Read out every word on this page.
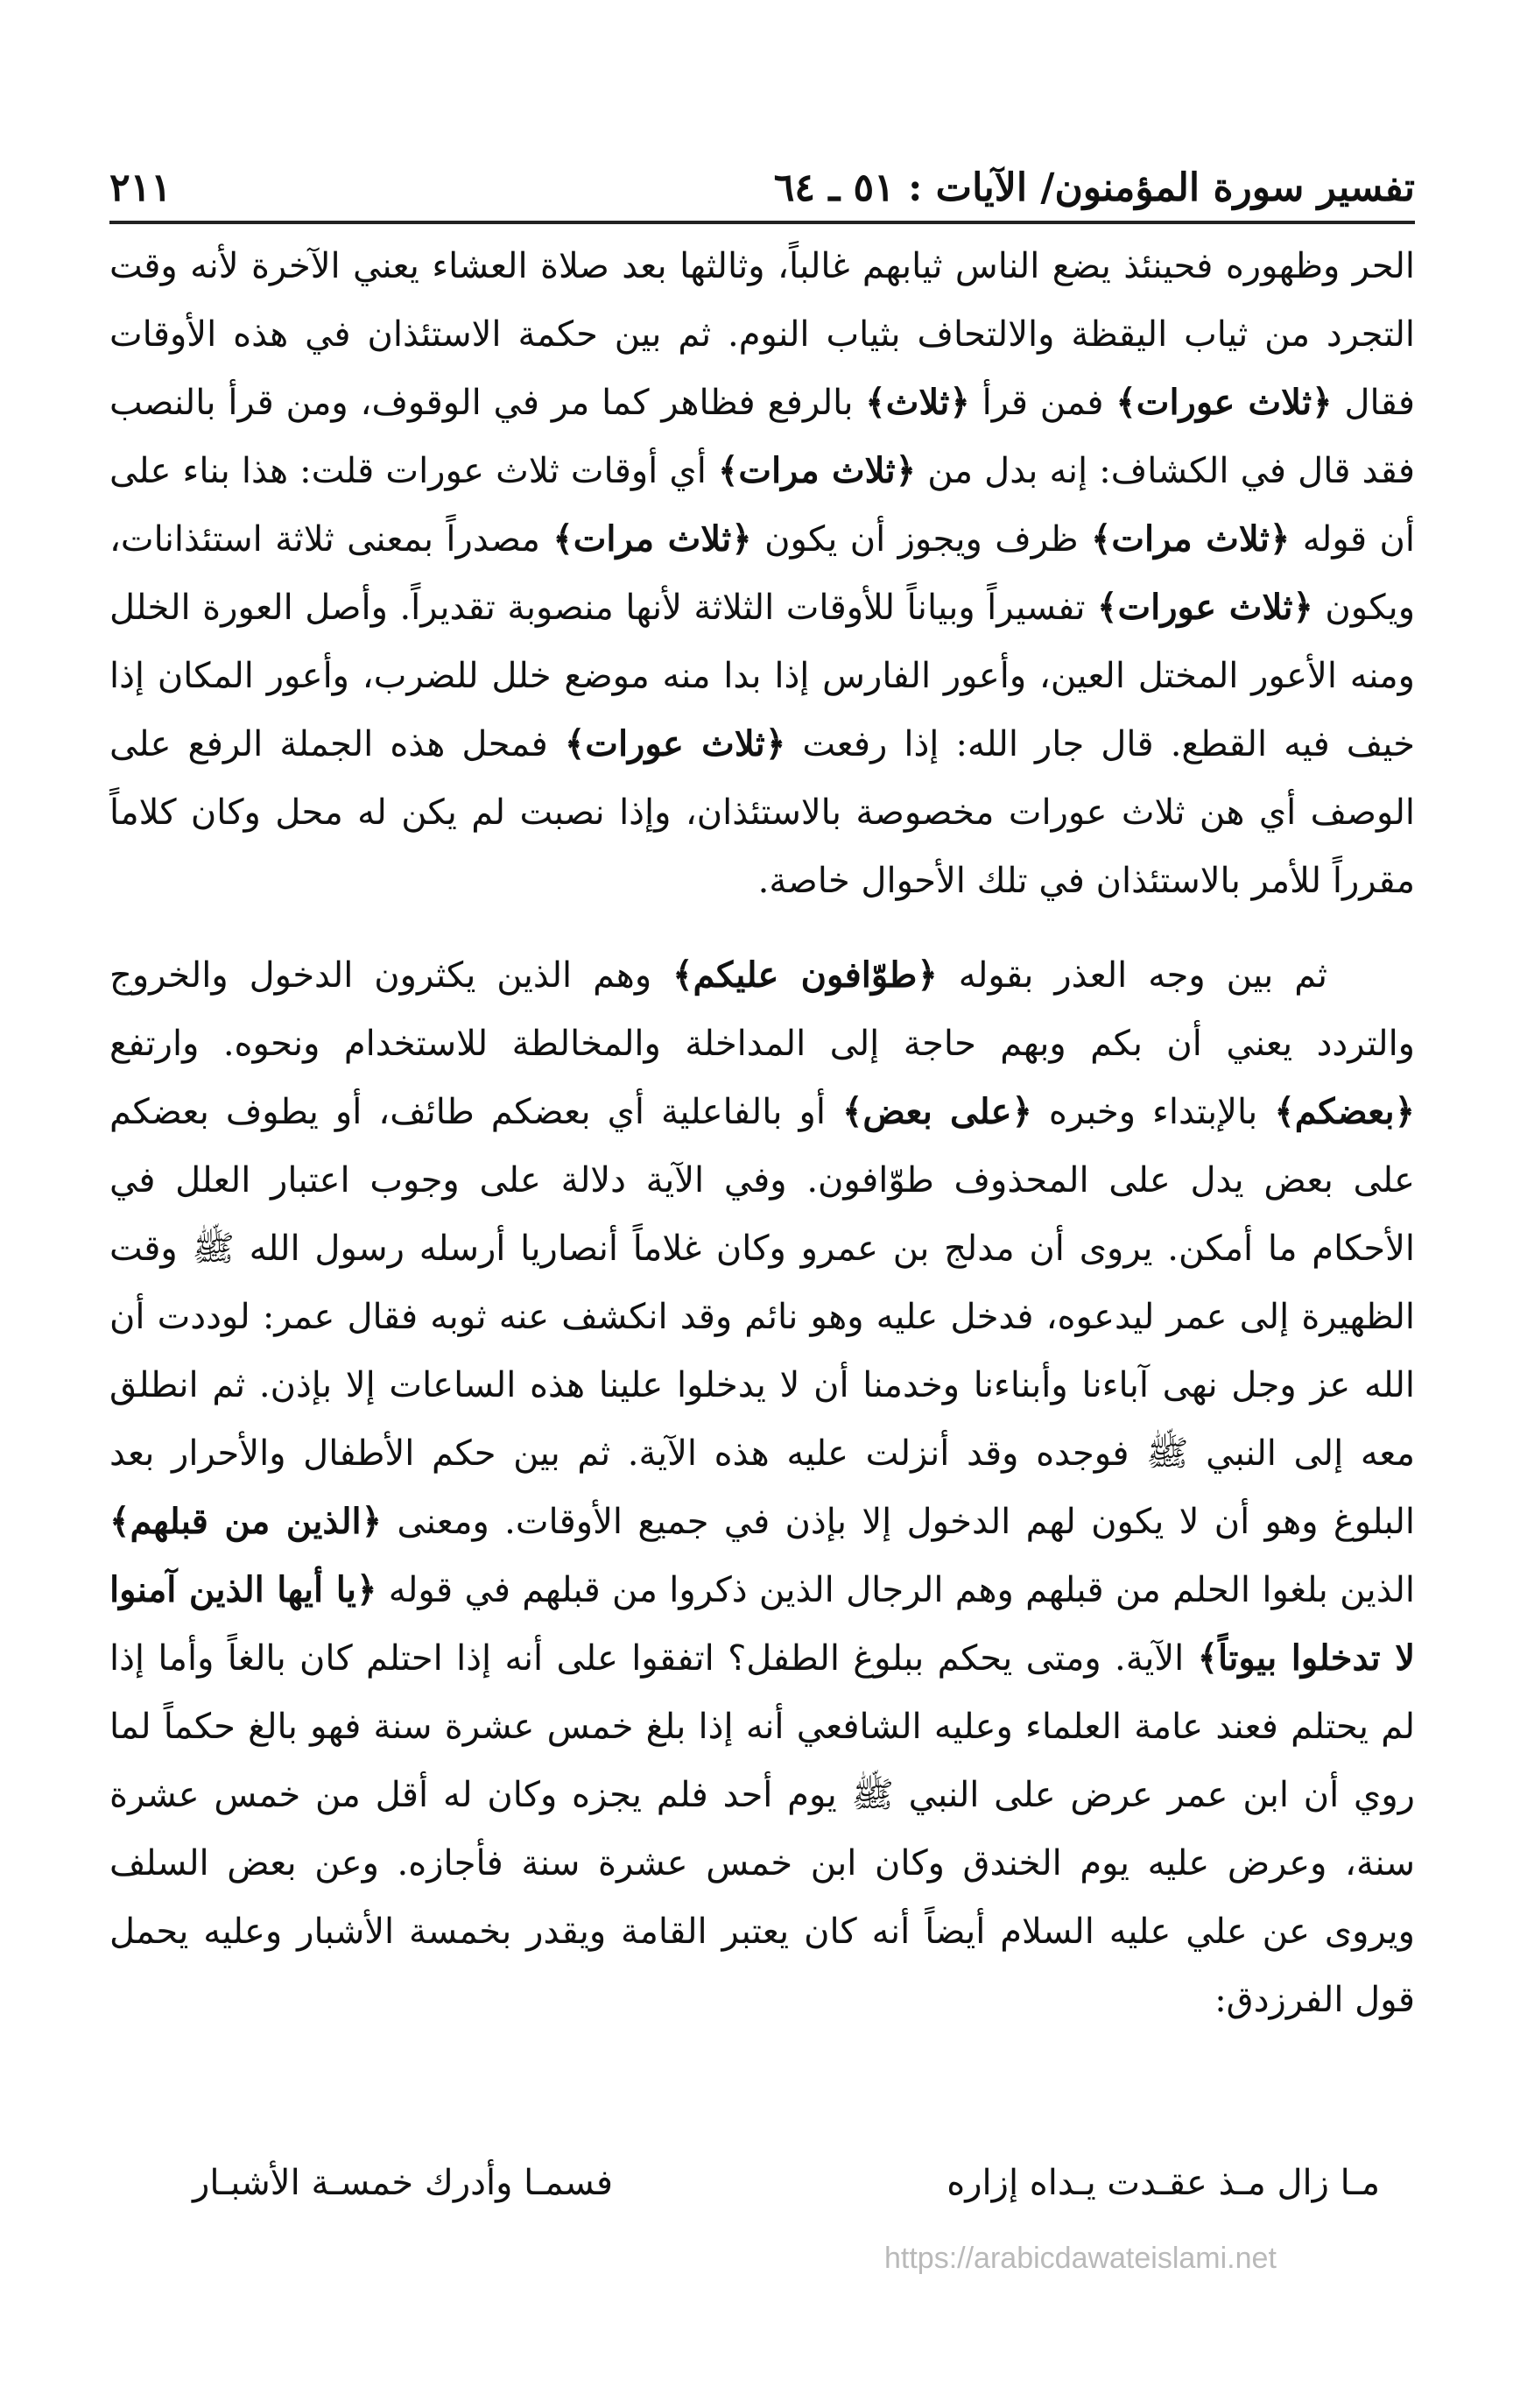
تفسير سورة المؤمنون/ الآيات : ٥١ ـ ٦٤
٢١١

الحر وظهوره فحينئذ يضع الناس ثيابهم غالباً، وثالثها بعد صلاة العشاء يعني الآخرة لأنه وقت التجرد من ثياب اليقظة والالتحاف بثياب النوم. ثم بين حكمة الاستئذان في هذه الأوقات فقال ﴿ثلاث عورات﴾ فمن قرأ ﴿ثلاث﴾ بالرفع فظاهر كما مر في الوقوف، ومن قرأ بالنصب فقد قال في الكشاف: إنه بدل من ﴿ثلاث مرات﴾ أي أوقات ثلاث عورات قلت: هذا بناء على أن قوله ﴿ثلاث مرات﴾ ظرف ويجوز أن يكون ﴿ثلاث مرات﴾ مصدراً بمعنى ثلاثة استئذانات، ويكون ﴿ثلاث عورات﴾ تفسيراً وبياناً للأوقات الثلاثة لأنها منصوبة تقديراً. وأصل العورة الخلل ومنه الأعور المختل العين، وأعور الفارس إذا بدا منه موضع خلل للضرب، وأعور المكان إذا خيف فيه القطع. قال جار الله: إذا رفعت ﴿ثلاث عورات﴾ فمحل هذه الجملة الرفع على الوصف أي هن ثلاث عورات مخصوصة بالاستئذان، وإذا نصبت لم يكن له محل وكان كلاماً مقرراً للأمر بالاستئذان في تلك الأحوال خاصة.

ثم بين وجه العذر بقوله ﴿طوّافون عليكم﴾ وهم الذين يكثرون الدخول والخروج والتردد يعني أن بكم وبهم حاجة إلى المداخلة والمخالطة للاستخدام ونحوه. وارتفع ﴿بعضكم﴾ بالإبتداء وخبره ﴿على بعض﴾ أو بالفاعلية أي بعضكم طائف، أو يطوف بعضكم على بعض يدل على المحذوف طوّافون. وفي الآية دلالة على وجوب اعتبار العلل في الأحكام ما أمكن. يروى أن مدلج بن عمرو وكان غلاماً أنصاريا أرسله رسول الله ﷺ وقت الظهيرة إلى عمر ليدعوه، فدخل عليه وهو نائم وقد انكشف عنه ثوبه فقال عمر: لوددت أن الله عز وجل نهى آباءنا وأبناءنا وخدمنا أن لا يدخلوا علينا هذه الساعات إلا بإذن. ثم انطلق معه إلى النبي ﷺ فوجده وقد أنزلت عليه هذه الآية. ثم بين حكم الأطفال والأحرار بعد البلوغ وهو أن لا يكون لهم الدخول إلا بإذن في جميع الأوقات. ومعنى ﴿الذين من قبلهم﴾ الذين بلغوا الحلم من قبلهم وهم الرجال الذين ذكروا من قبلهم في قوله ﴿يا أيها الذين آمنوا لا تدخلوا بيوتاً﴾ الآية. ومتى يحكم ببلوغ الطفل؟ اتفقوا على أنه إذا احتلم كان بالغاً وأما إذا لم يحتلم فعند عامة العلماء وعليه الشافعي أنه إذا بلغ خمس عشرة سنة فهو بالغ حكماً لما روي أن ابن عمر عرض على النبي ﷺ يوم أحد فلم يجزه وكان له أقل من خمس عشرة سنة، وعرض عليه يوم الخندق وكان ابن خمس عشرة سنة فأجازه. وعن بعض السلف ويروى عن علي عليه السلام أيضاً أنه كان يعتبر القامة ويقدر بخمسة الأشبار وعليه يحمل قول الفرزدق:

مـا زال مـذ عقـدت يـداه إزاره
فسمـا وأدرك خمسـة الأشبـار
https://arabicdawateislami.net
